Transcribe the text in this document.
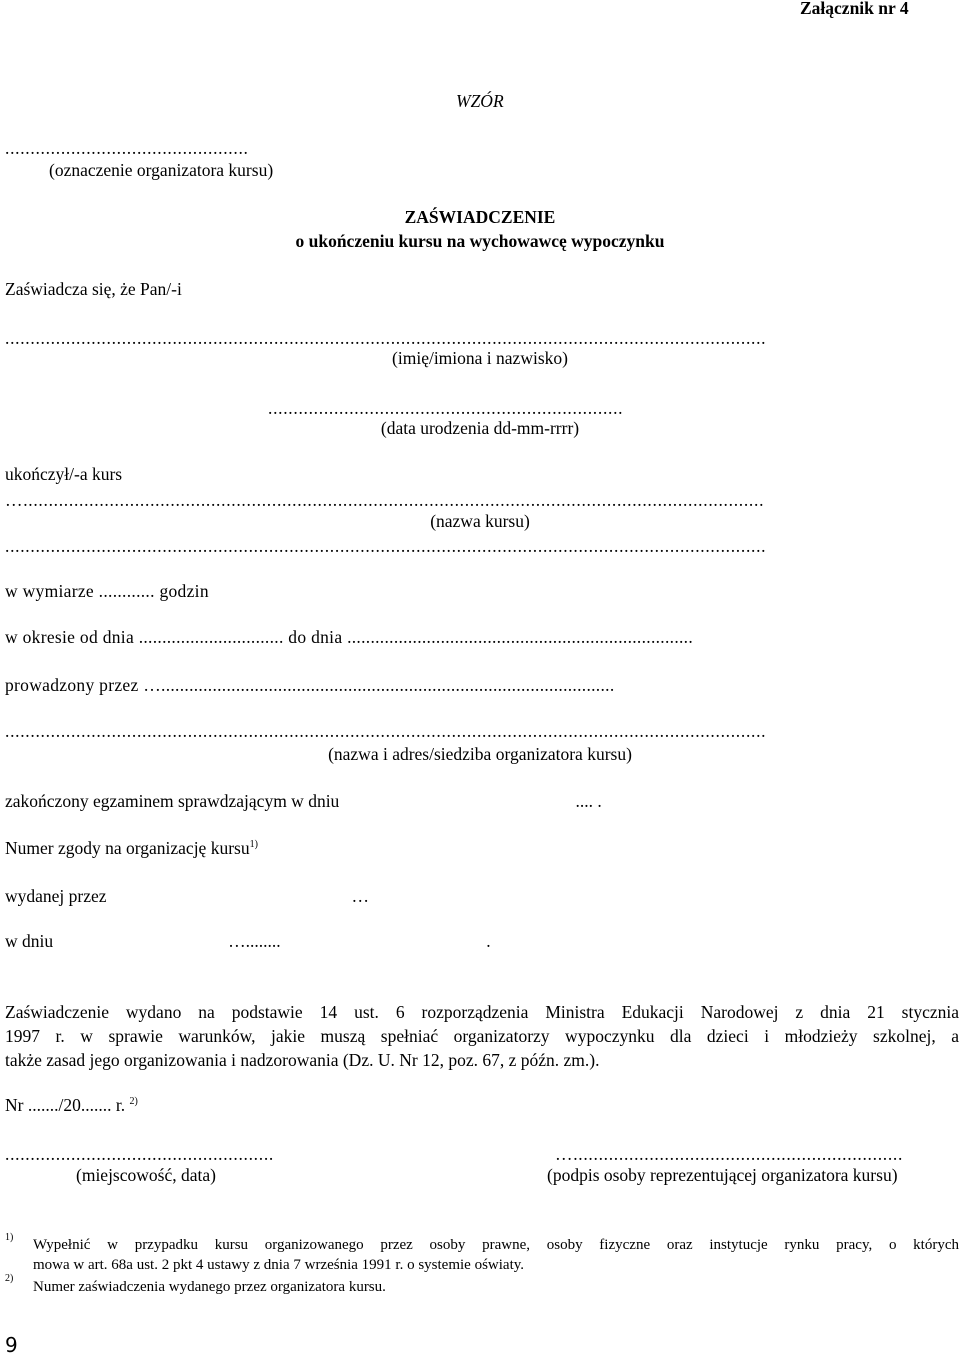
Załącznik nr 4
WZÓR
................................................
(oznaczenie organizatora kursu)
ZAŚWIADCZENIE
o ukończeniu kursu na wychowawcę wypoczynku
Zaświadcza się, że Pan/-i
......................................................................................................................................................
(imię/imiona i nazwisko)
......................................................................
(data urodzenia dd-mm-rrrr)
ukończył/-a kurs
…..................................................................................................................................................
(nazwa kursu)
......................................................................................................................................................
w wymiarze ............ godzin
w okresie od dnia ............................... do dnia ..........................................................................
prowadzony przez ….................................................................................................
......................................................................................................................................................
(nazwa i adres/siedziba organizatora kursu)
zakończony egzaminem sprawdzającym w dniu                                                      .... .
Numer zgody na organizację kursu$^{1)}$
wydanej przez                                                        …
w dniu                                        …........                                               .
Zaświadczenie wydano na podstawie 14 ust. 6 rozporządzenia Ministra Edukacji Narodowej z dnia 21 stycznia
1997 r. w sprawie warunków, jakie muszą spełniać organizatorzy wypoczynku dla dzieci i młodzieży szkolnej, a
także zasad jego organizowania i nadzorowania (Dz. U. Nr 12, poz. 67, z późn. zm.).
Nr ......./20....... r. $^{2)}$
.....................................................
(miejscowość, data)
….................................................................
(podpis osoby reprezentującej organizatora kursu)
1) Wypełnić w przypadku kursu organizowanego przez osoby prawne, osoby fizyczne oraz instytucje rynku pracy, o których
mowa w art. 68a ust. 2 pkt 4 ustawy z dnia 7 września 1991 r. o systemie oświaty.
2)
Numer zaświadczenia wydanego przez organizatora kursu.
9
